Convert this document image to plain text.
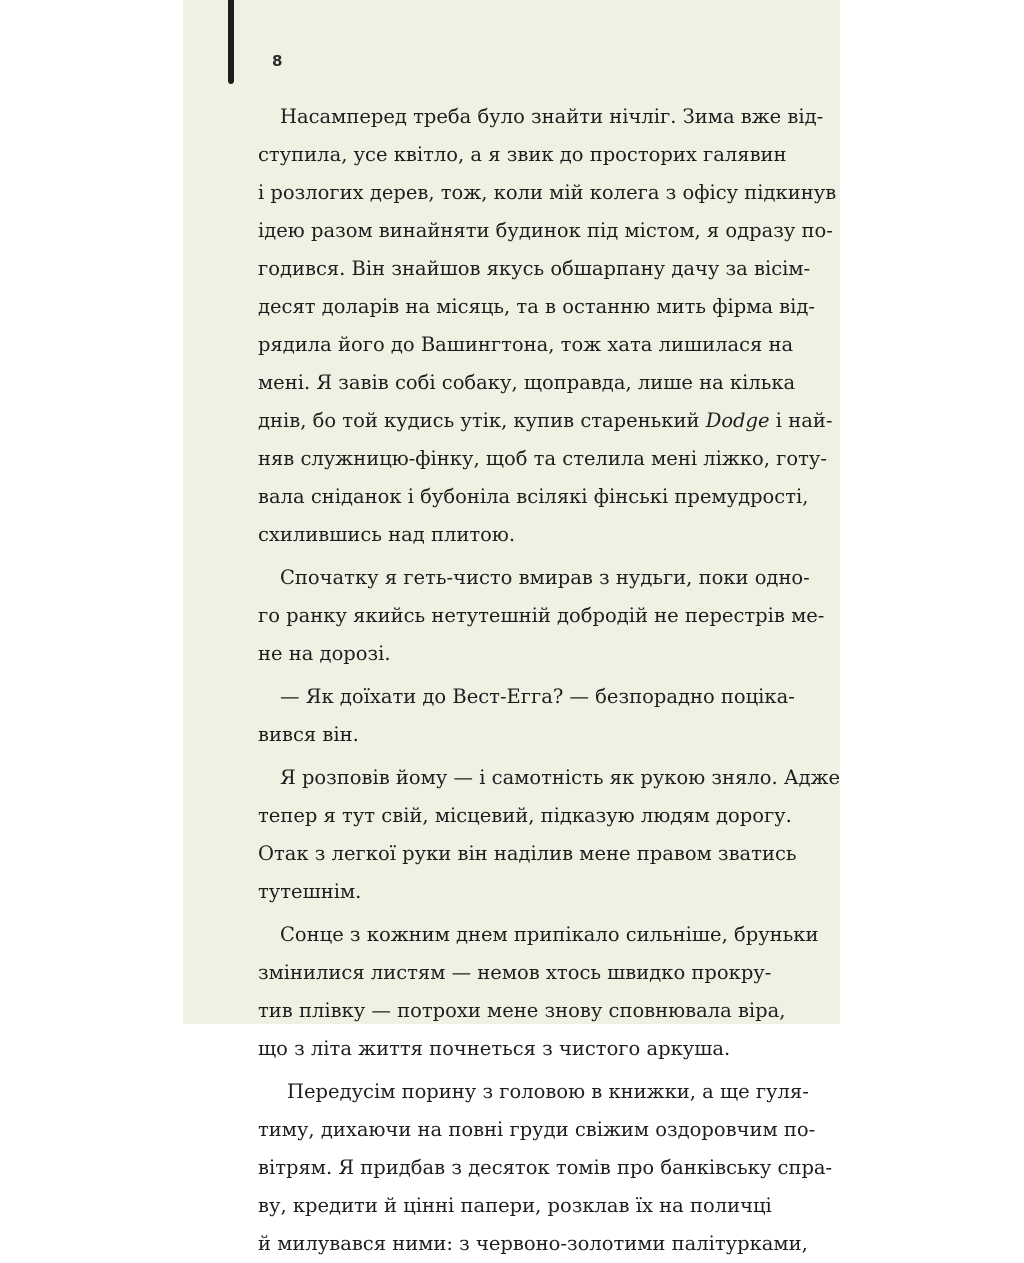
8
Насамперед треба було знайти нічліг. Зима вже від-
ступила, усе квітло, а я звик до просторих галявин
і розлогих дерев, тож, коли мій колега з офісу підкинув
ідею разом винайняти будинок під містом, я одразу по-
годився. Він знайшов якусь обшарпану дачу за вісім-
десят доларів на місяць, та в останню мить фірма від-
рядила його до Вашингтона, тож хата лишилася на
мені. Я завів собі собаку, щоправда, лише на кілька
днів, бо той кудись утік, купив старенький Dodge і най-
няв служницю-фінку, щоб та стелила мені ліжко, готу-
вала сніданок і бубоніла всілякі фінські премудрості,
схилившись над плитою.
Спочатку я геть-чисто вмирав з нудьги, поки одно-
го ранку якийсь нетутешній добродій не перестрів ме-
не на дорозі.
— Як доїхати до Вест-Егга? — безпорадно поціка-
вився він.
Я розповів йому — і самотність як рукою зняло. Адже
тепер я тут свій, місцевий, підказую людям дорогу.
Отак з легкої руки він наділив мене правом зватись
тутешнім.
Сонце з кожним днем припікало сильніше, бруньки
змінилися листям — немов хтось швидко прокру-
тив плівку — потрохи мене знову сповнювала віра,
що з літа життя почнеться з чистого аркуша.
Передусім порину з головою в книжки, а ще гуля-
тиму, дихаючи на повні груди свіжим оздоровчим по-
вітрям. Я придбав з десяток томів про банківську спра-
ву, кредити й цінні папери, розклав їх на поличці
й милувався ними: з червоно-золотими палітурками,
